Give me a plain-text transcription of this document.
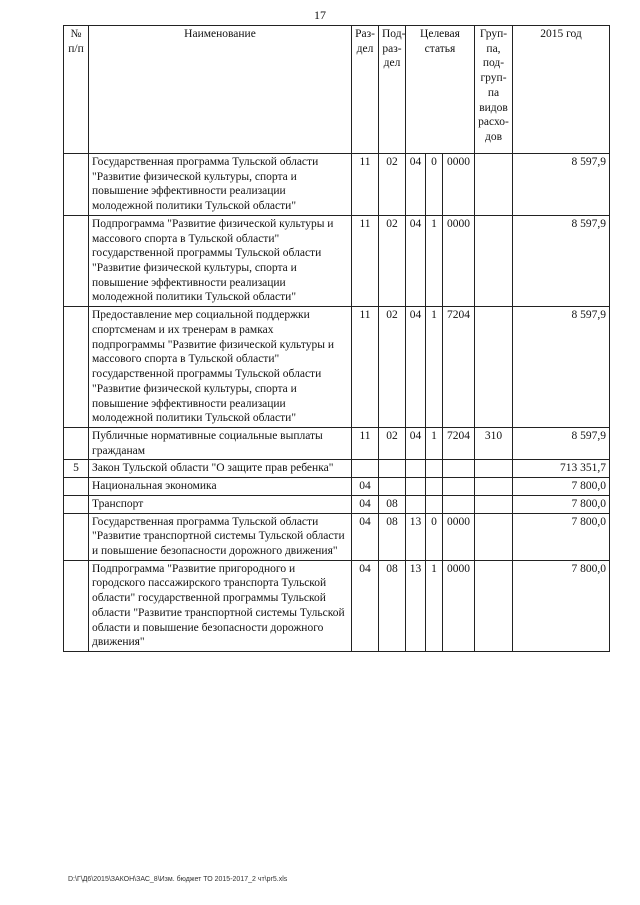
17
№ п/п	Наименование	Раз- дел	Под- раз- дел	Целевая статья			Груп- па, под- груп- па видов расхо- дов	2015 год
	Государственная программа Тульской области "Развитие физической культуры, спорта и повышение эффективности реализации молодежной политики Тульской области"	11	02	04	0	0000		8 597,9
	Подпрограмма "Развитие физической культуры и массового спорта в Тульской области" государственной программы Тульской области "Развитие физической культуры, спорта и повышение эффективности реализации молодежной политики Тульской области"	11	02	04	1	0000		8 597,9
	Предоставление мер социальной поддержки спортсменам и их тренерам в рамках подпрограммы "Развитие физической культуры и массового спорта в Тульской области" государственной программы Тульской области "Развитие физической культуры, спорта и повышение эффективности реализации молодежной политики Тульской области"	11	02	04	1	7204		8 597,9
	Публичные нормативные социальные выплаты гражданам	11	02	04	1	7204	310	8 597,9
5	Закон Тульской области "О защите прав ребенка"							713 351,7
	Национальная экономика	04						7 800,0
	Транспорт	04	08					7 800,0
	Государственная программа Тульской области "Развитие транспортной системы Тульской области и повышение безопасности дорожного движения"	04	08	13	0	0000		7 800,0
	Подпрограмма "Развитие пригородного и городского пассажирского транспорта Тульской области" государственной программы Тульской области "Развитие транспортной системы Тульской области и повышение безопасности дорожного движения"	04	08	13	1	0000		7 800,0
D:\Г\Д6\2015\ЗАКОН\ЗАС_8\Изм. бюджет ТО 2015-2017_2 чт\pr5.xls
